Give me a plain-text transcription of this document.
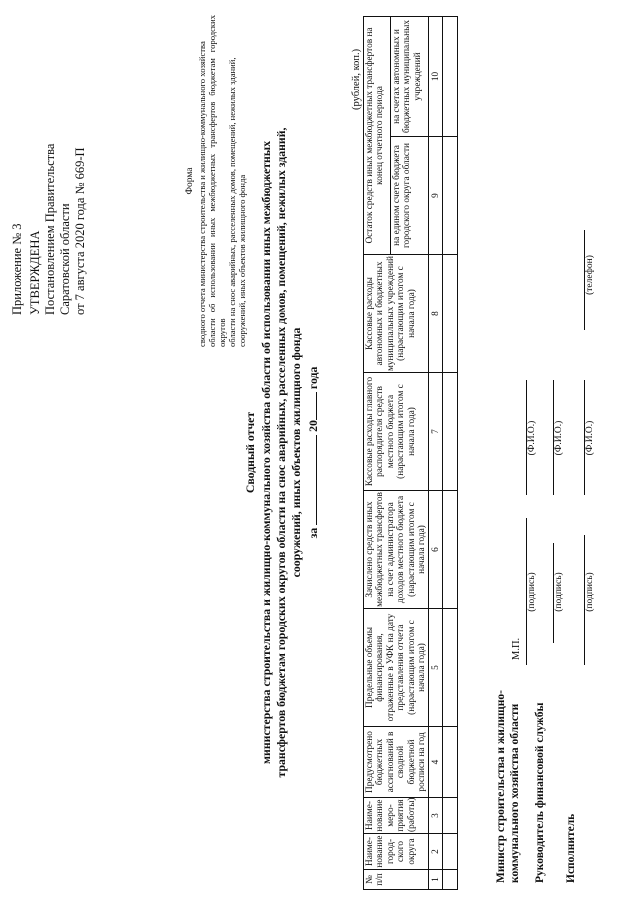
Приложение № 3 УТВЕРЖДЕНА Постановлением Правительства Саратовской области от 7 августа 2020 года № 669-П	Форма сводного отчета министерства строительства и жилищно-коммунального хозяйства области об использовании иных межбюджетных трансфертов бюджетам городских округов области на снос аварийных, расселенных домов, помещений, нежилых зданий, сооружений, иных объектов жилищного фонда
Сводный отчет министерства строительства и жилищно-коммунального хозяйства области об использовании иных межбюджетных трансфертов бюджетам городских округов области на снос аварийных, расселенных домов, помещений, нежилых зданий, сооружений, иных объектов жилищного фонда за  20 года
(рублей, коп.)
№ п/п	Наиме-нование город-ского округа	Наиме-нование меро-приятия (работы)	Предусмотрено бюджетных ассигнований в сводной бюджетной росписи на год	Предельные объемы финансирования, отраженные в УФК на дату представления отчета (нарастающим итогом с начала года)	Зачислено средств иных межбюджетных трансфертов на счет администратора доходов местного бюджета (нарастающим итогом с начала года)	Кассовые расходы главного распорядителя средств местного бюджета (нарастающим итогом с начала года)	Кассовые расходы автономных и бюджетных муниципальных учреждений (нарастающим итогом с начала года)	Остаток средств иных межбюджетных трансфертов на конец отчетного периода	
								на едином счете бюджета городского округа области	на счетах автономных и бюджетных муниципальных учреждений
1	2	3	4	5	6	7	8	9	10

Министр строительства и жилищно- коммунального хозяйства области
М.П.
(подпись)
(Ф.И.О.)
Руководитель финансовой службы
(подпись)
(Ф.И.О.)
Исполнитель
(подпись)
(Ф.И.О.)
(телефон)
